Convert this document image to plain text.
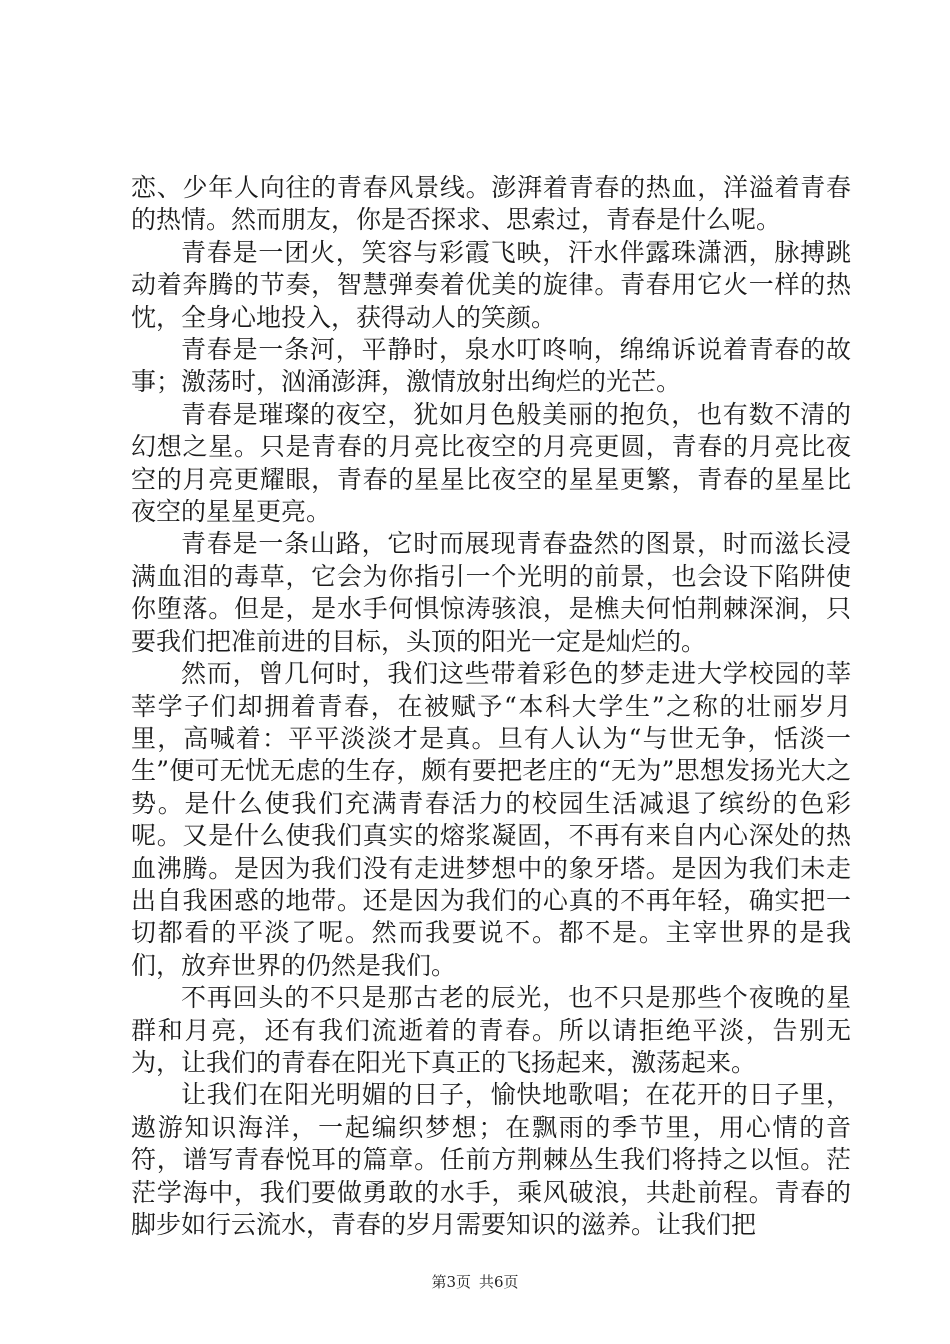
恋、少年人向往的青春风景线。澎湃着青春的热血，洋溢着青春的热情。然而朋友，你是否探求、思索过，青春是什么呢。

青春是一团火，笑容与彩霞飞映，汗水伴露珠潇洒，脉搏跳动着奔腾的节奏，智慧弹奏着优美的旋律。青春用它火一样的热忱，全身心地投入，获得动人的笑颜。

青春是一条河，平静时，泉水叮咚响，绵绵诉说着青春的故事；激荡时，汹涌澎湃，激情放射出绚烂的光芒。

青春是璀璨的夜空，犹如月色般美丽的抱负，也有数不清的幻想之星。只是青春的月亮比夜空的月亮更圆，青春的月亮比夜空的月亮更耀眼，青春的星星比夜空的星星更繁，青春的星星比夜空的星星更亮。

青春是一条山路，它时而展现青春盎然的图景，时而滋长浸满血泪的毒草，它会为你指引一个光明的前景，也会设下陷阱使你堕落。但是，是水手何惧惊涛骇浪，是樵夫何怕荆棘深涧，只要我们把准前进的目标，头顶的阳光一定是灿烂的。

然而，曾几何时，我们这些带着彩色的梦走进大学校园的莘莘学子们却拥着青春，在被赋予“本科大学生”之称的壮丽岁月里，高喊着：平平淡淡才是真。旦有人认为“与世无争，恬淡一生”便可无忧无虑的生存，颇有要把老庄的“无为”思想发扬光大之势。是什么使我们充满青春活力的校园生活减退了缤纷的色彩呢。又是什么使我们真实的熔浆凝固，不再有来自内心深处的热血沸腾。是因为我们没有走进梦想中的象牙塔。是因为我们未走出自我困惑的地带。还是因为我们的心真的不再年轻，确实把一切都看的平淡了呢。然而我要说不。都不是。主宰世界的是我们，放弃世界的仍然是我们。

不再回头的不只是那古老的辰光，也不只是那些个夜晚的星群和月亮，还有我们流逝着的青春。所以请拒绝平淡，告别无为，让我们的青春在阳光下真正的飞扬起来，激荡起来。

让我们在阳光明媚的日子，愉快地歌唱；在花开的日子里，遨游知识海洋，一起编织梦想；在飘雨的季节里，用心情的音符，谱写青春悦耳的篇章。任前方荆棘丛生我们将持之以恒。茫茫学海中，我们要做勇敢的水手，乘风破浪，共赴前程。青春的脚步如行云流水，青春的岁月需要知识的滋养。让我们把

第3页 共6页
